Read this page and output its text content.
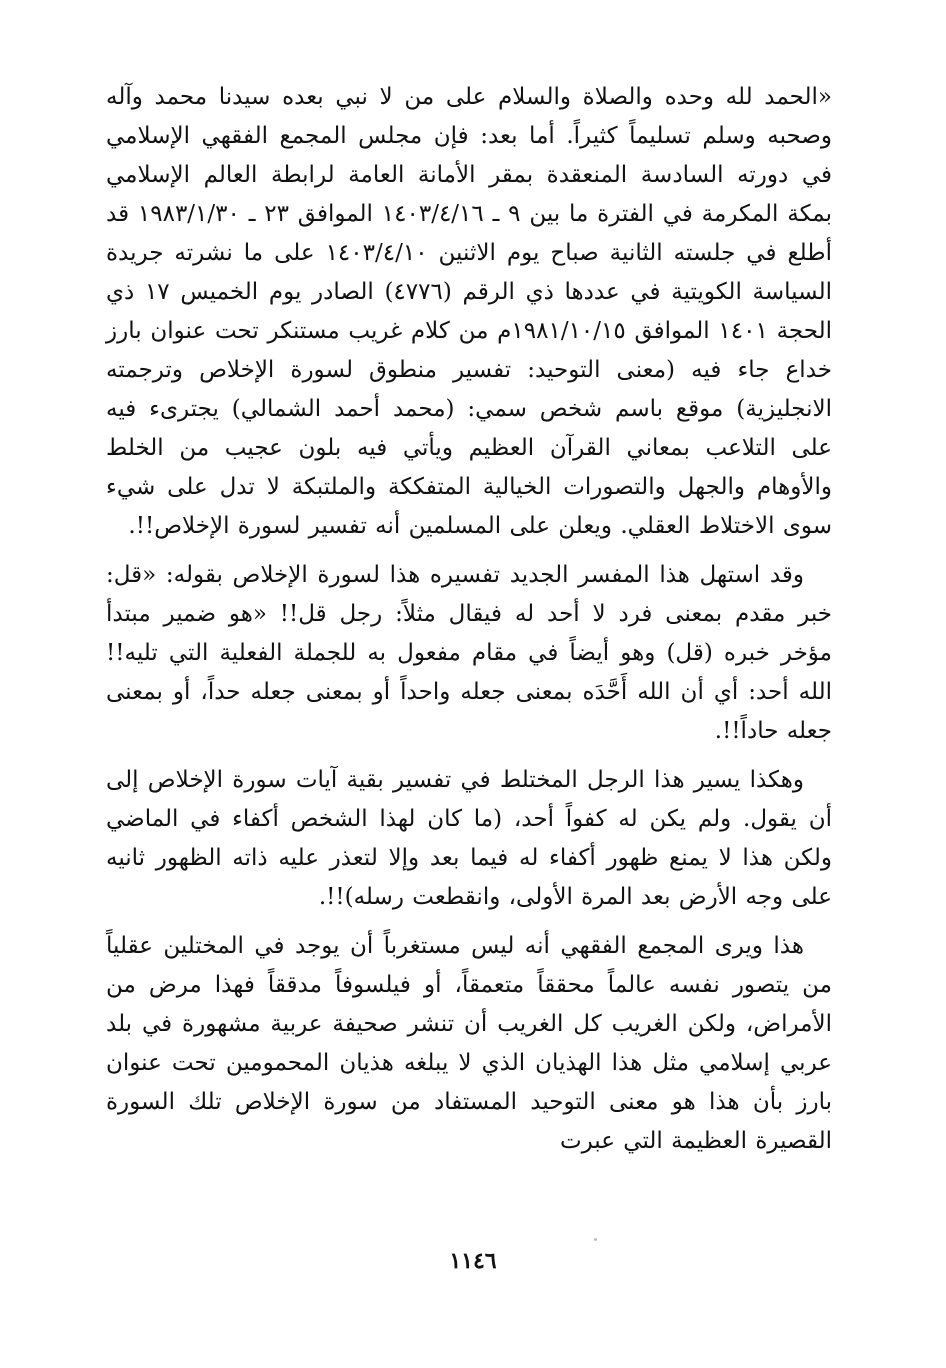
«الحمد لله وحده والصلاة والسلام على من لا نبي بعده سيدنا محمد وآله وصحبه وسلم تسليماً كثيراً. أما بعد: فإن مجلس المجمع الفقهي الإسلامي في دورته السادسة المنعقدة بمقر الأمانة العامة لرابطة العالم الإسلامي بمكة المكرمة في الفترة ما بين ٩ ـ ١٤٠٣/٤/١٦ الموافق ٢٣ ـ ١٩٨٣/١/٣٠ قد أطلع في جلسته الثانية صباح يوم الاثنين ١٤٠٣/٤/١٠ على ما نشرته جريدة السياسة الكويتية في عددها ذي الرقم (٤٧٧٦) الصادر يوم الخميس ١٧ ذي الحجة ١٤٠١ الموافق ١٩٨١/١٠/١٥م من كلام غريب مستنكر تحت عنوان بارز خداع جاء فيه (معنى التوحيد: تفسير منطوق لسورة الإخلاص وترجمته الانجليزية) موقع باسم شخص سمي: (محمد أحمد الشمالي) يجترىء فيه على التلاعب بمعاني القرآن العظيم ويأتي فيه بلون عجيب من الخلط والأوهام والجهل والتصورات الخيالية المتفككة والملتبكة لا تدل على شيء سوى الاختلاط العقلي. ويعلن على المسلمين أنه تفسير لسورة الإخلاص!!.

وقد استهل هذا المفسر الجديد تفسيره هذا لسورة الإخلاص بقوله: «قل: خبر مقدم بمعنى فرد لا أحد له فيقال مثلاً: رجل قل!! «هو ضمير مبتدأ مؤخر خبره (قل) وهو أيضاً في مقام مفعول به للجملة الفعلية التي تليه!! الله أحد: أي أن الله أَحَّدَه بمعنى جعله واحداً أو بمعنى جعله حداً، أو بمعنى جعله حاداً!!.

وهكذا يسير هذا الرجل المختلط في تفسير بقية آيات سورة الإخلاص إلى أن يقول. ولم يكن له كفواً أحد، (ما كان لهذا الشخص أكفاء في الماضي ولكن هذا لا يمنع ظهور أكفاء له فيما بعد وإلا لتعذر عليه ذاته الظهور ثانيه على وجه الأرض بعد المرة الأولى، وانقطعت رسله)!!.

هذا ويرى المجمع الفقهي أنه ليس مستغرباً أن يوجد في المختلين عقلياً من يتصور نفسه عالماً محققاً متعمقاً، أو فيلسوفاً مدققاً فهذا مرض من الأمراض، ولكن الغريب كل الغريب أن تنشر صحيفة عربية مشهورة في بلد عربي إسلامي مثل هذا الهذيان الذي لا يبلغه هذيان المحمومين تحت عنوان بارز بأن هذا هو معنى التوحيد المستفاد من سورة الإخلاص تلك السورة القصيرة العظيمة التي عبرت

١١٤٦
